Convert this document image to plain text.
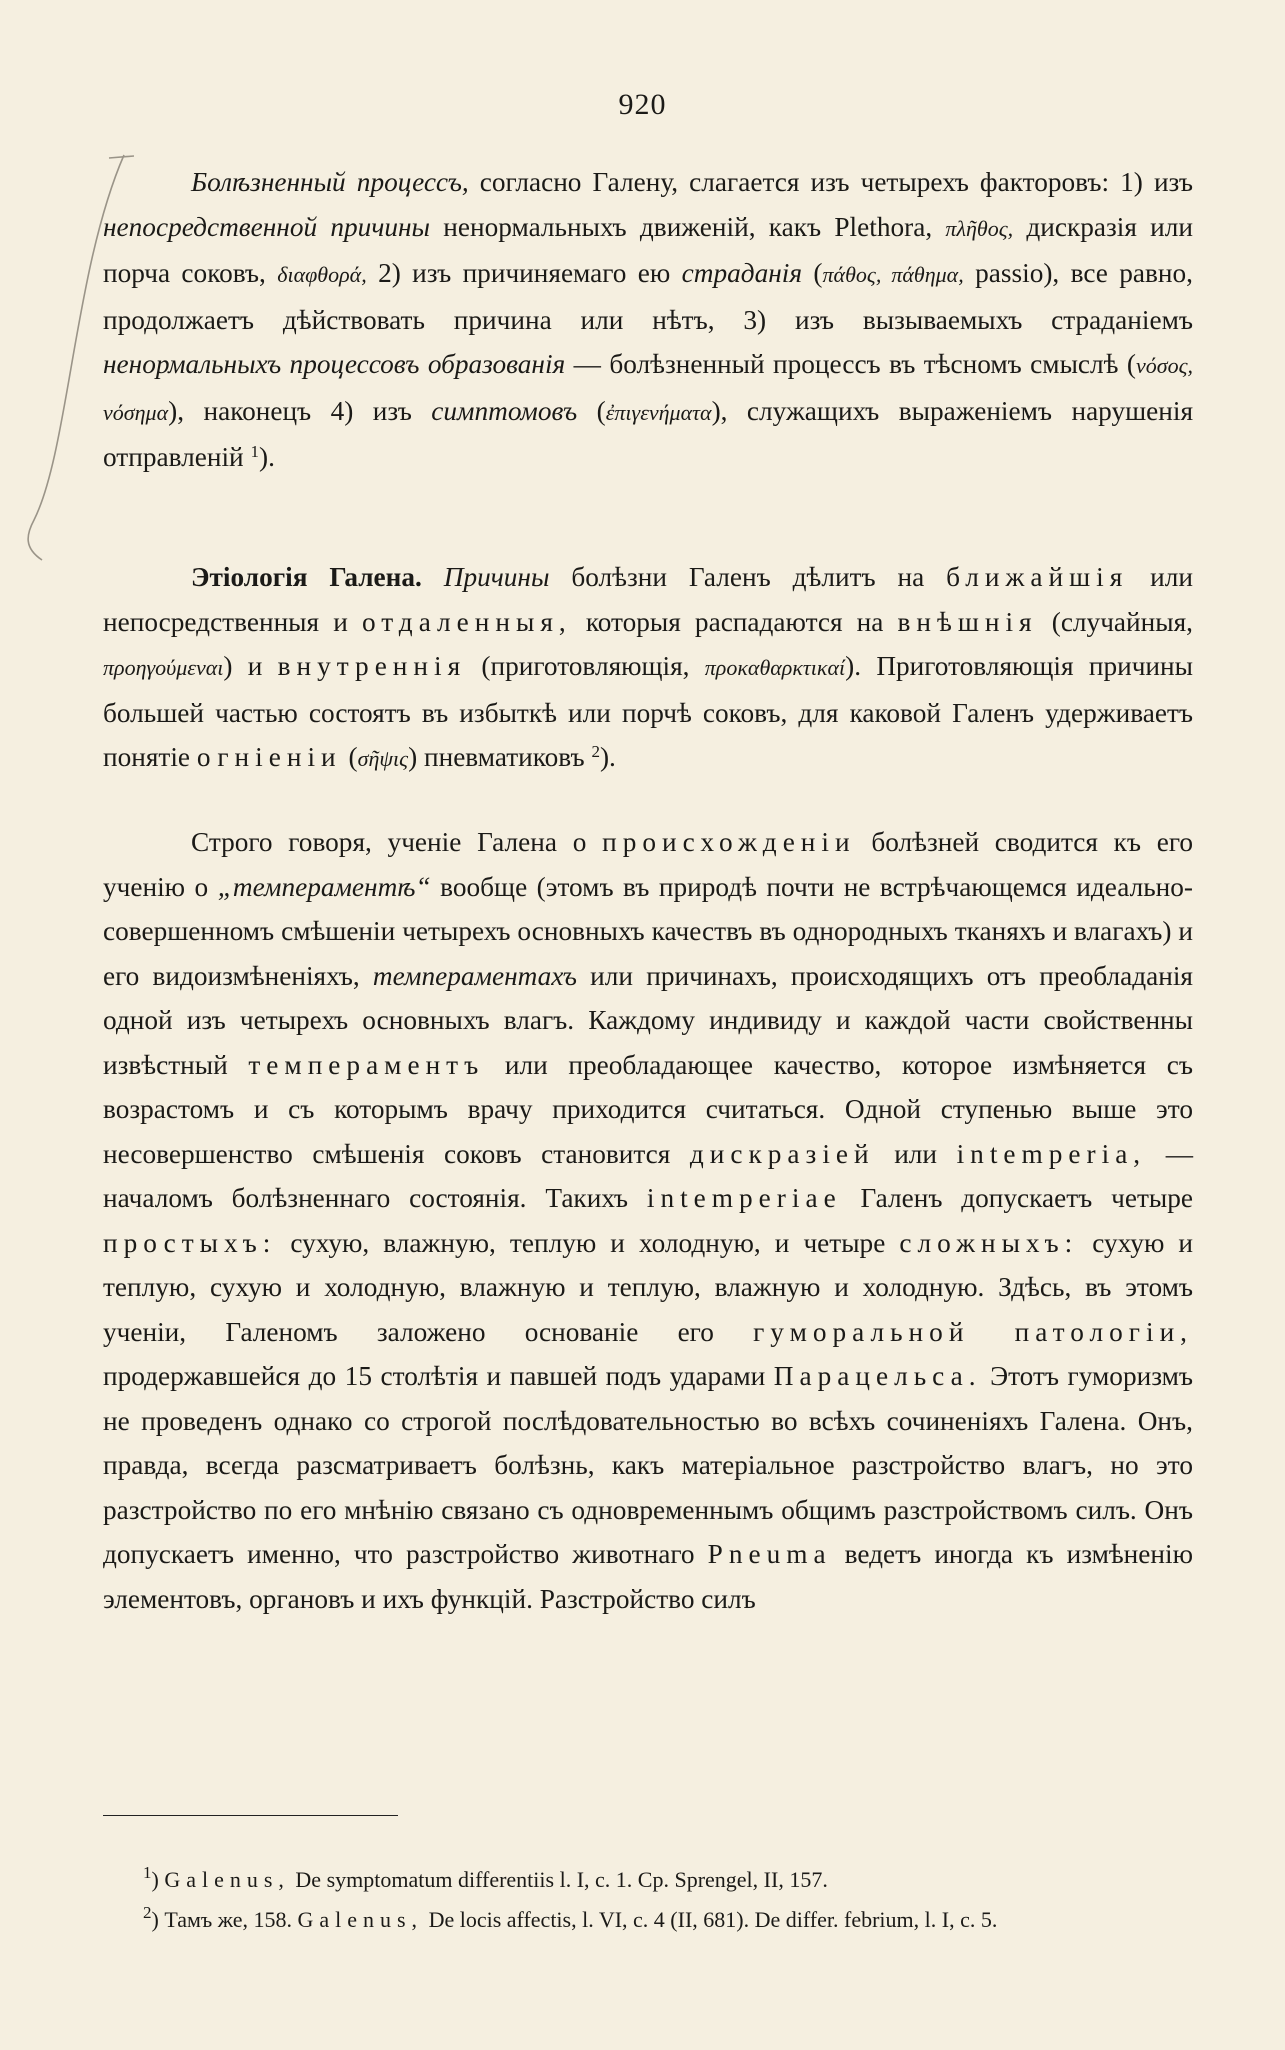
920

Болѣзненный процессъ, согласно Галену, слагается изъ четырехъ факторовъ: 1) изъ непосредственной причины ненормальныхъ движеній, какъ Plethora, πλῆθος, дискразія или порча соковъ, διαφθορά, 2) изъ причиняемаго ею страданія (πάθος, πάθημα, passio), все равно, продолжаетъ дѣйствовать причина или нѣтъ, 3) изъ вызываемыхъ страданіемъ ненормальныхъ процессовъ образованія — болѣзненный процессъ въ тѣсномъ смыслѣ (νόσος, νόσημα), наконецъ 4) изъ симптомовъ (ἐπιγενήματα), служащихъ выраженіемъ нарушенія отправленій $^1$).

Этіологія Галена. Причины болѣзни Галенъ дѣлитъ на ближайшія или непосредственныя и отдаленныя, которыя распадаются на внѣшнія (случайныя, προηγούμεναι) и внутреннія (приготовляющія, προκαθαρκτικαί). Приготовляющія причины большей частью состоятъ въ избыткѣ или порчѣ соковъ, для каковой Галенъ удерживаетъ понятіе о гніеніи (σῆψις) пневматиковъ $^2$).

Строго говоря, ученіе Галена о происхожденіи болѣзней сводится къ его ученію о „темпераментѣ“ вообще (этомъ въ природѣ почти не встрѣчающемся идеально-совершенномъ смѣшеніи четырехъ основныхъ качествъ въ однородныхъ тканяхъ и влагахъ) и его видоизмѣненіяхъ, темпераментахъ или причинахъ, происходящихъ отъ преобладанія одной изъ четырехъ основныхъ влагъ. Каждому индивиду и каждой части свойственны извѣстный темпераментъ или преобладающее качество, которое измѣняется съ возрастомъ и съ которымъ врачу приходится считаться. Одной ступенью выше это несовершенство смѣшенія соковъ становится дискразіей или intemperia, — началомъ болѣзненнаго состоянія. Такихъ intemperiae Галенъ допускаетъ четыре простыхъ: сухую, влажную, теплую и холодную, и четыре сложныхъ: сухую и теплую, сухую и холодную, влажную и теплую, влажную и холодную. Здѣсь, въ этомъ ученіи, Галеномъ заложено основаніе его гуморальной патологіи, продержавшейся до 15 столѣтія и павшей подъ ударами Парацельса. Этотъ гуморизмъ не проведенъ однако со строгой послѣдовательностью во всѣхъ сочиненіяхъ Галена. Онъ, правда, всегда разсматриваетъ болѣзнь, какъ матеріальное разстройство влагъ, но это разстройство по его мнѣнію связано съ одновременнымъ общимъ разстройствомъ силъ. Онъ допускаетъ именно, что разстройство животнаго Pneuma ведетъ иногда къ измѣненію элементовъ, органовъ и ихъ функцій. Разстройство силъ

$^1$) Galenus, De symptomatum differentiis l. I, c. 1. Cp. Sprengel, II, 157.

$^2$) Тамъ же, 158. Galenus, De locis affectis, l. VI, c. 4 (II, 681). De differ. febrium, l. I, c. 5.
